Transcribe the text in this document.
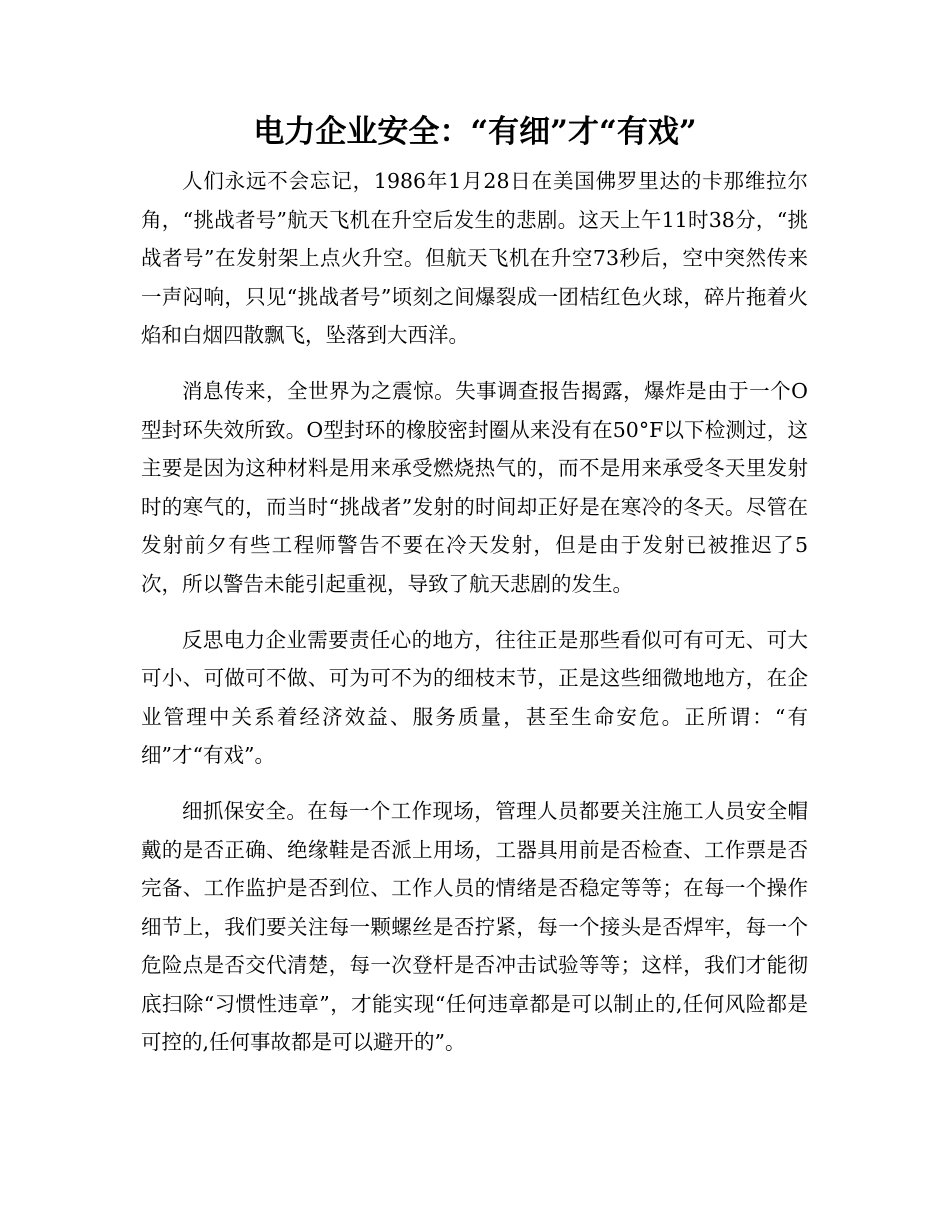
电力企业安全：“有细”才“有戏”

人们永远不会忘记，1986年1月28日在美国佛罗里达的卡那维拉尔角，“挑战者号”航天飞机在升空后发生的悲剧。这天上午11时38分，“挑战者号”在发射架上点火升空。但航天飞机在升空73秒后，空中突然传来一声闷响，只见“挑战者号”顷刻之间爆裂成一团桔红色火球，碎片拖着火焰和白烟四散飘飞，坠落到大西洋。

消息传来，全世界为之震惊。失事调查报告揭露，爆炸是由于一个O型封环失效所致。O型封环的橡胶密封圈从来没有在50°F以下检测过，这主要是因为这种材料是用来承受燃烧热气的，而不是用来承受冬天里发射时的寒气的，而当时“挑战者”发射的时间却正好是在寒冷的冬天。尽管在发射前夕有些工程师警告不要在冷天发射，但是由于发射已被推迟了5次，所以警告未能引起重视，导致了航天悲剧的发生。

反思电力企业需要责任心的地方，往往正是那些看似可有可无、可大可小、可做可不做、可为可不为的细枝末节，正是这些细微地地方，在企业管理中关系着经济效益、服务质量，甚至生命安危。正所谓：“有细”才“有戏”。

细抓保安全。在每一个工作现场，管理人员都要关注施工人员安全帽戴的是否正确、绝缘鞋是否派上用场，工器具用前是否检查、工作票是否完备、工作监护是否到位、工作人员的情绪是否稳定等等；在每一个操作细节上，我们要关注每一颗螺丝是否拧紧，每一个接头是否焊牢，每一个危险点是否交代清楚，每一次登杆是否冲击试验等等；这样，我们才能彻底扫除“习惯性违章”，才能实现“任何违章都是可以制止的,任何风险都是可控的,任何事故都是可以避开的”。
